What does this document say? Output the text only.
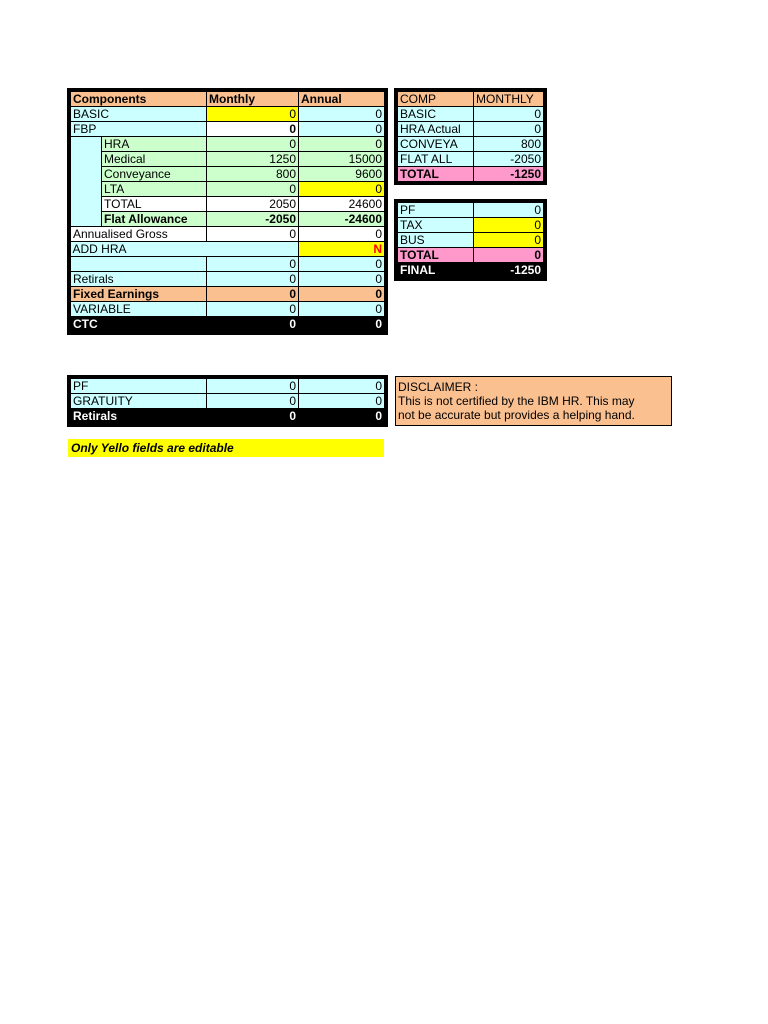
Components		Monthly	Annual
BASIC		0	0
FBP		0	0
	HRA	0	0
	Medical	1250	15000
	Conveyance	800	9600
	LTA	0	0
	TOTAL	2050	24600
	Flat Allowance	-2050	-24600
Annualised Gross		0	0
ADD HRA			N
		0	0
Retirals		0	0
Fixed Earnings		0	0
VARIABLE		0	0
CTC		0	0
COMP	MONTHLY
BASIC	0
HRA Actual	0
CONVEYA	800
FLAT ALL	-2050
TOTAL	-1250
PF	0
TAX	0
BUS	0
TOTAL	0
FINAL	-1250
PF	0	0
GRATUITY	0	0
Retirals	0	0
DISCLAIMER :
This is not certified by the IBM HR. This may
not be accurate but provides a helping hand.
Only Yello fields are editable
